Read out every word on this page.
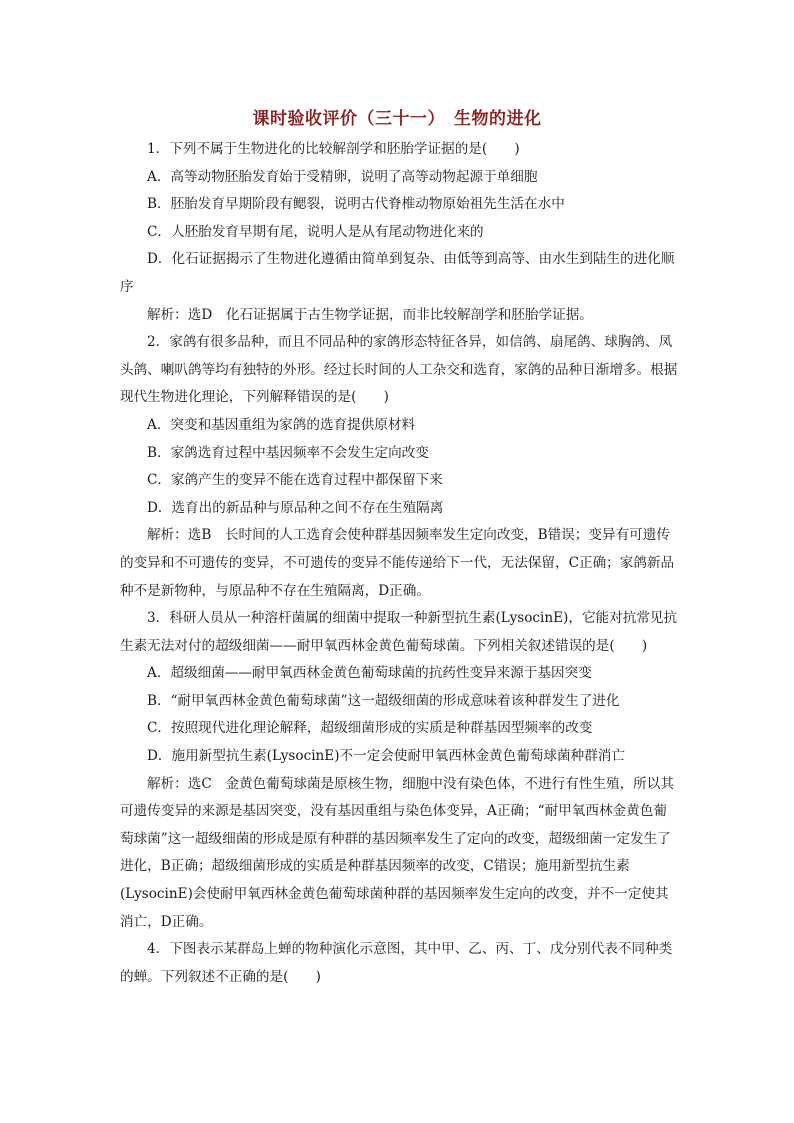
课时验收评价（三十一）　生物的进化

1．下列不属于生物进化的比较解剖学和胚胎学证据的是(　　)

A．高等动物胚胎发育始于受精卵，说明了高等动物起源于单细胞

B．胚胎发育早期阶段有鳃裂，说明古代脊椎动物原始祖先生活在水中

C．人胚胎发育早期有尾，说明人是从有尾动物进化来的

D．化石证据揭示了生物进化遵循由简单到复杂、由低等到高等、由水生到陆生的进化顺序

解析：选D　化石证据属于古生物学证据，而非比较解剖学和胚胎学证据。

2．家鸽有很多品种，而且不同品种的家鸽形态特征各异，如信鸽、扇尾鸽、球胸鸽、凤头鸽、喇叭鸽等均有独特的外形。经过长时间的人工杂交和选育，家鸽的品种日渐增多。根据现代生物进化理论，下列解释错误的是(　　)

A．突变和基因重组为家鸽的选育提供原材料

B．家鸽选育过程中基因频率不会发生定向改变

C．家鸽产生的变异不能在选育过程中都保留下来

D．选育出的新品种与原品种之间不存在生殖隔离

解析：选B　长时间的人工选育会使种群基因频率发生定向改变，B错误；变异有可遗传的变异和不可遗传的变异，不可遗传的变异不能传递给下一代，无法保留，C正确；家鸽新品种不是新物种，与原品种不存在生殖隔离，D正确。

3．科研人员从一种溶杆菌属的细菌中提取一种新型抗生素(LysocinE)，它能对抗常见抗生素无法对付的超级细菌——耐甲氧西林金黄色葡萄球菌。下列相关叙述错误的是(　　)

A．超级细菌——耐甲氧西林金黄色葡萄球菌的抗药性变异来源于基因突变

B．“耐甲氧西林金黄色葡萄球菌”这一超级细菌的形成意味着该种群发生了进化

C．按照现代进化理论解释，超级细菌形成的实质是种群基因型频率的改变

D．施用新型抗生素(LysocinE)不一定会使耐甲氧西林金黄色葡萄球菌种群消亡

解析：选C　金黄色葡萄球菌是原核生物，细胞中没有染色体，不进行有性生殖，所以其可遗传变异的来源是基因突变，没有基因重组与染色体变异，A正确；“耐甲氧西林金黄色葡萄球菌”这一超级细菌的形成是原有种群的基因频率发生了定向的改变，超级细菌一定发生了进化，B正确；超级细菌形成的实质是种群基因频率的改变，C错误；施用新型抗生素(LysocinE)会使耐甲氧西林金黄色葡萄球菌种群的基因频率发生定向的改变，并不一定使其消亡，D正确。

4．下图表示某群岛上蝉的物种演化示意图，其中甲、乙、丙、丁、戊分别代表不同种类的蝉。下列叙述不正确的是(　　)
